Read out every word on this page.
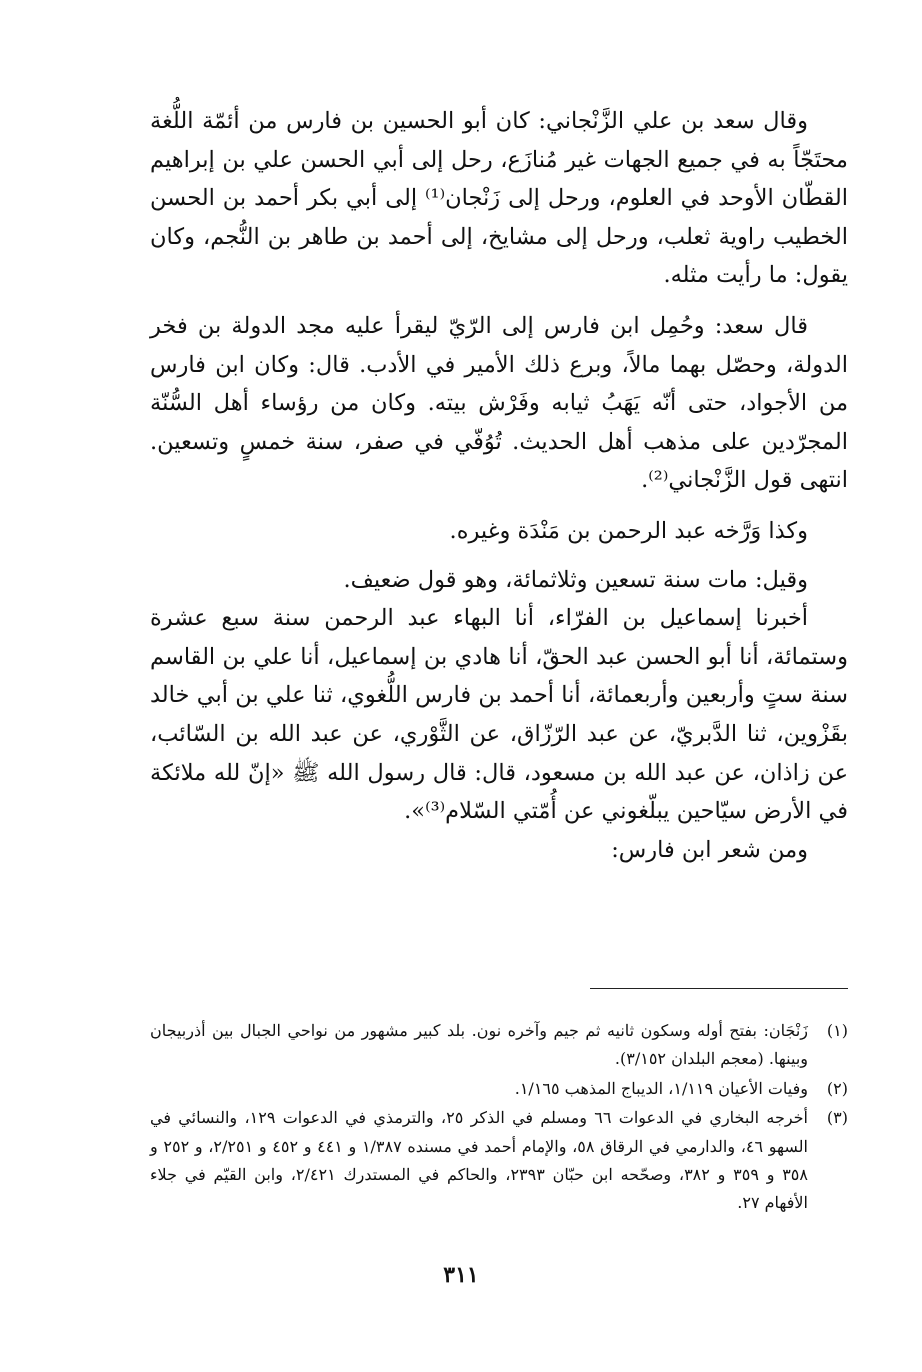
وقال سعد بن علي الزَّنْجاني: كان أبو الحسين بن فارس من أئمّة اللُّغة محتَجّاً به في جميع الجهات غير مُنازَع، رحل إلى أبي الحسن علي بن إبراهيم القطّان الأوحد في العلوم، ورحل إلى زَنْجان⁽¹⁾ إلى أبي بكر أحمد بن الحسن الخطيب راوية ثعلب، ورحل إلى مشايخ، إلى أحمد بن طاهر بن النُّجم، وكان يقول: ما رأيت مثله.

قال سعد: وحُمِل ابن فارس إلى الرّيّ ليقرأ عليه مجد الدولة بن فخر الدولة، وحصّل بهما مالاً، وبرع ذلك الأمير في الأدب. قال: وكان ابن فارس من الأجواد، حتى أنّه يَهَبُ ثيابه وفَرْش بيته. وكان من رؤساء أهل السُّنّة المجرّدين على مذهب أهل الحديث. تُوُفّي في صفر، سنة خمسٍ وتسعين. انتهى قول الزَّنْجاني⁽²⁾.

وكذا وَرَّخه عبد الرحمن بن مَنْدَة وغيره.

وقيل: مات سنة تسعين وثلاثمائة، وهو قول ضعيف.

أخبرنا إسماعيل بن الفرّاء، أنا البهاء عبد الرحمن سنة سبع عشرة وستمائة، أنا أبو الحسن عبد الحقّ، أنا هادي بن إسماعيل، أنا علي بن القاسم سنة ستٍ وأربعين وأربعمائة، أنا أحمد بن فارس اللُّغوي، ثنا علي بن أبي خالد بقَزْوين، ثنا الدَّبريّ، عن عبد الرّزّاق، عن الثَّوْري، عن عبد الله بن السّائب، عن زاذان، عن عبد الله بن مسعود، قال: قال رسول الله ﷺ «إنّ لله ملائكة في الأرض سيّاحين يبلّغوني عن أُمّتي السّلام⁽³⁾».

ومن شعر ابن فارس:

(١)
زَنْجَان: بفتح أوله وسكون ثانيه ثم جيم وآخره نون. بلد كبير مشهور من نواحي الجبال بين أذربيجان وبينها. (معجم البلدان ٣/١٥٢).
(٢)
وفيات الأعيان ١/١١٩، الديباج المذهب ١/١٦٥.
(٣)
أخرجه البخاري في الدعوات ٦٦ ومسلم في الذكر ٢٥، والترمذي في الدعوات ١٢٩، والنسائي في السهو ٤٦، والدارمي في الرقاق ٥٨، والإمام أحمد في مسنده ١/٣٨٧ و ٤٤١ و ٤٥٢ و ٢/٢٥١، و ٢٥٢ و ٣٥٨ و ٣٥٩ و ٣٨٢، وصحّحه ابن حبّان ٢٣٩٣، والحاكم في المستدرك ٢/٤٢١، وابن القيّم في جلاء الأفهام ٢٧.
٣١١
